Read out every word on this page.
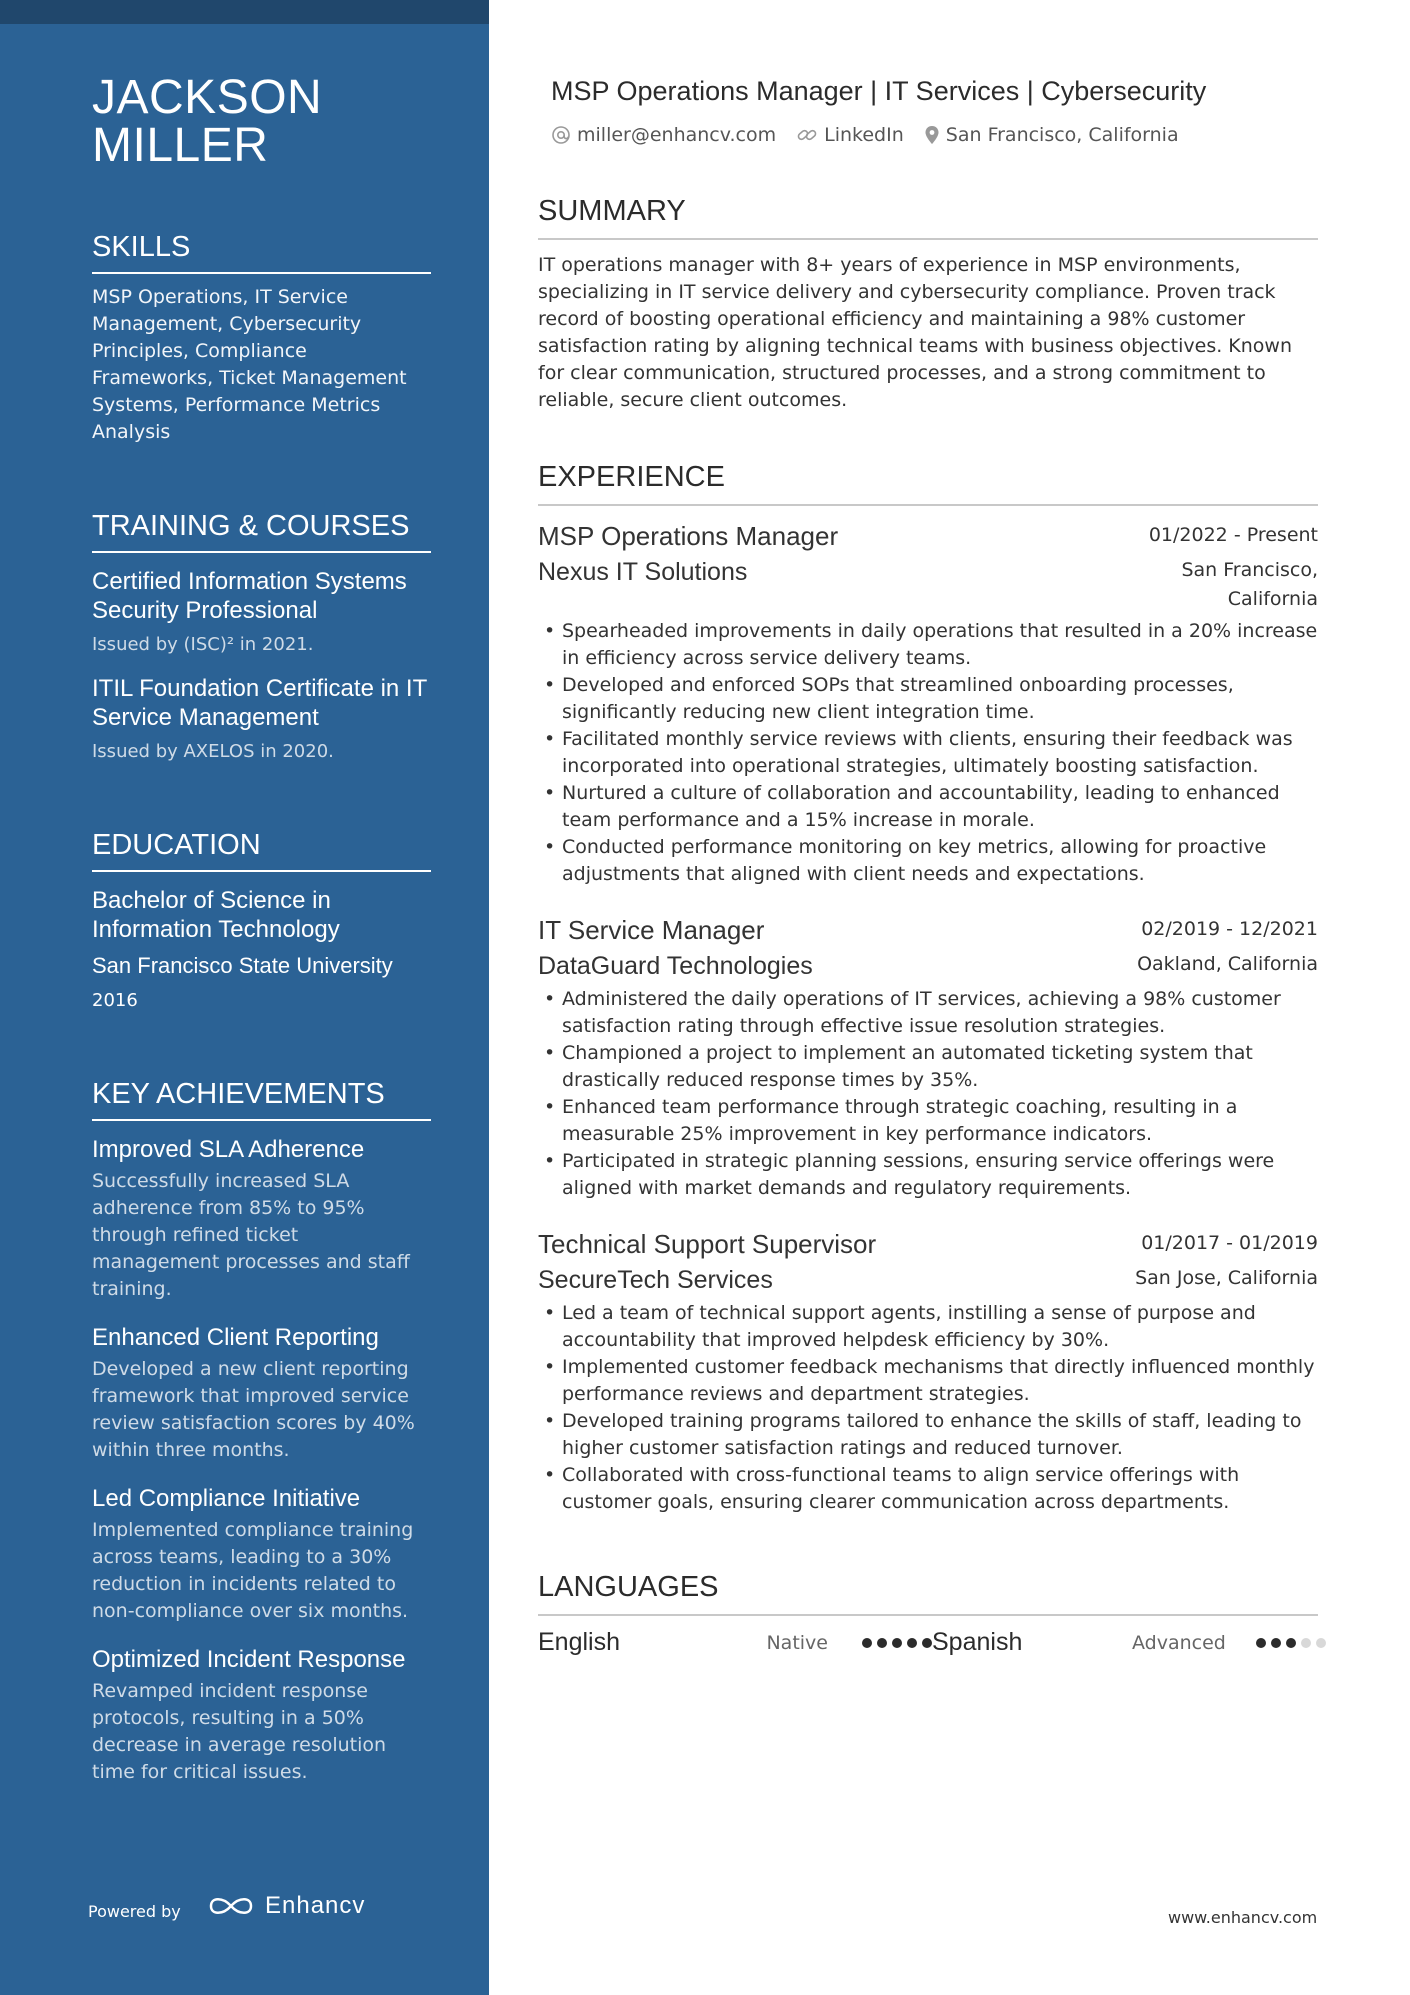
JACKSON
MILLER
SKILLS

MSP Operations, IT Service Management, Cybersecurity Principles, Compliance Frameworks, Ticket Management Systems, Performance Metrics Analysis

TRAINING & COURSES
Certified Information Systems Security Professional

Issued by (ISC)² in 2021.

ITIL Foundation Certificate in IT Service Management

Issued by AXELOS in 2020.

EDUCATION
Bachelor of Science in Information Technology
San Francisco State University
2016
KEY ACHIEVEMENTS
Improved SLA Adherence

Successfully increased SLA adherence from 85% to 95% through refined ticket management processes and staff training.

Enhanced Client Reporting

Developed a new client reporting framework that improved service review satisfaction scores by 40% within three months.

Led Compliance Initiative

Implemented compliance training across teams, leading to a 30% reduction in incidents related to non-compliance over six months.

Optimized Incident Response

Revamped incident response protocols, resulting in a 50% decrease in average resolution time for critical issues.

Powered by	Enhancv
MSP Operations Manager | IT Services | Cybersecurity
miller@enhancv.com	LinkedIn San Francisco, California
SUMMARY

IT operations manager with 8+ years of experience in MSP environments, specializing in IT service delivery and cybersecurity compliance. Proven track record of boosting operational efficiency and maintaining a 98% customer satisfaction rating by aligning technical teams with business objectives. Known for clear communication, structured processes, and a strong commitment to reliable, secure client outcomes.

EXPERIENCE
MSP Operations Manager	01/2022 - Present
Nexus IT Solutions	San Francisco,
California
• Spearheaded improvements in daily operations that resulted in a 20% increase in efficiency across service delivery teams.
• Developed and enforced SOPs that streamlined onboarding processes, significantly reducing new client integration time.
• Facilitated monthly service reviews with clients, ensuring their feedback was incorporated into operational strategies, ultimately boosting satisfaction.
• Nurtured a culture of collaboration and accountability, leading to enhanced team performance and a 15% increase in morale.
• Conducted performance monitoring on key metrics, allowing for proactive adjustments that aligned with client needs and expectations.
IT Service Manager	02/2019 - 12/2021
DataGuard Technologies	Oakland, California
• Administered the daily operations of IT services, achieving a 98% customer satisfaction rating through effective issue resolution strategies.
• Championed a project to implement an automated ticketing system that drastically reduced response times by 35%.
• Enhanced team performance through strategic coaching, resulting in a measurable 25% improvement in key performance indicators.
• Participated in strategic planning sessions, ensuring service offerings were aligned with market demands and regulatory requirements.
Technical Support Supervisor	01/2017 - 01/2019
SecureTech Services	San Jose, California
• Led a team of technical support agents, instilling a sense of purpose and accountability that improved helpdesk efficiency by 30%.
• Implemented customer feedback mechanisms that directly influenced monthly performance reviews and department strategies.
• Developed training programs tailored to enhance the skills of staff, leading to higher customer satisfaction ratings and reduced turnover.
• Collaborated with cross-functional teams to align service offerings with customer goals, ensuring clearer communication across departments.
LANGUAGES
English	Native	Spanish	Advanced
www.enhancv.com
